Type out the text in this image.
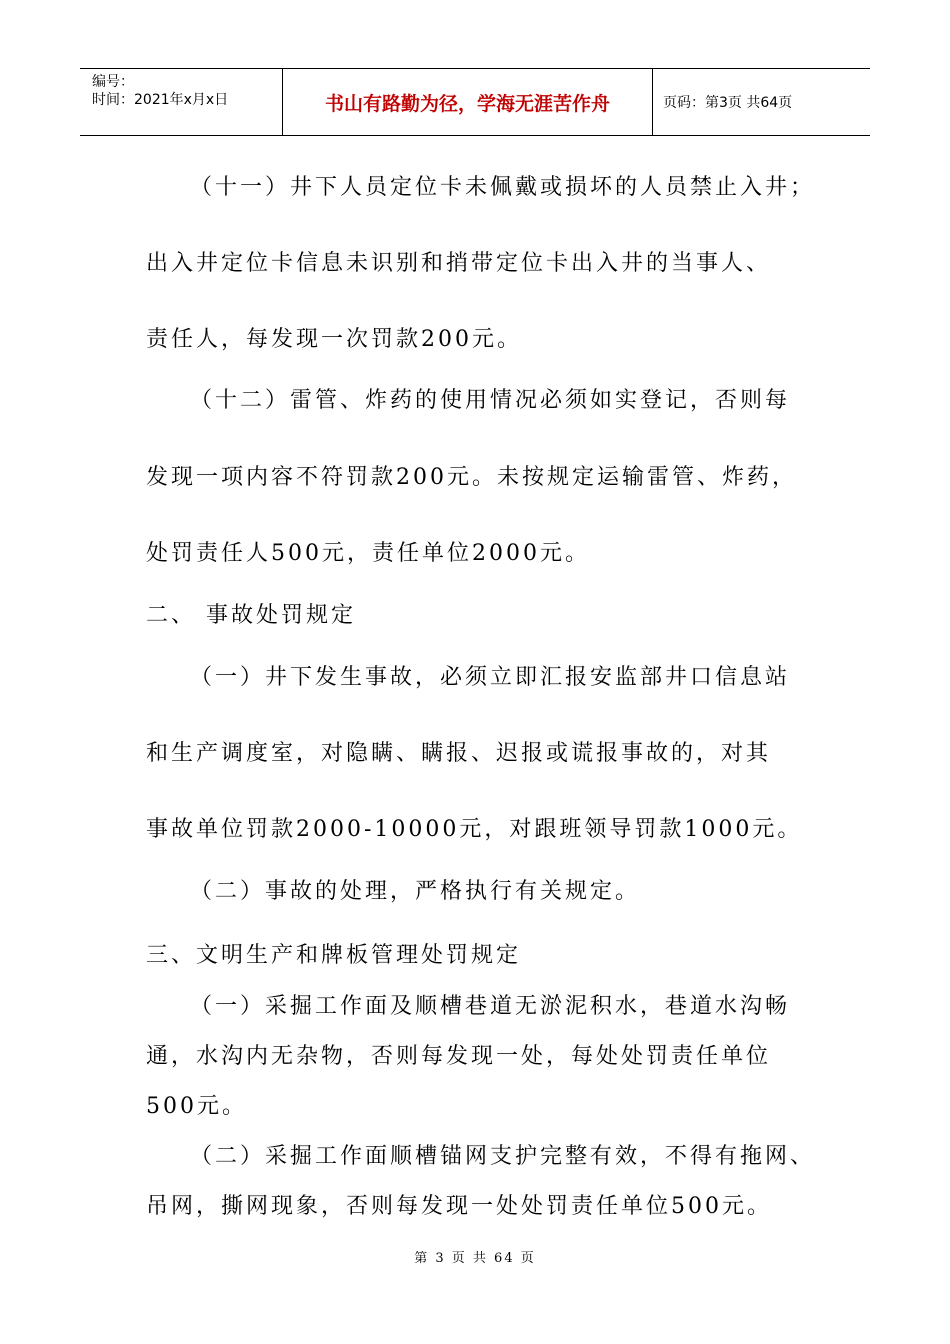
编号：
时间：2021年x月x日	书山有路勤为径，学海无涯苦作舟	页码：第3页 共64页
（十一）井下人员定位卡未佩戴或损坏的人员禁止入井；
出入井定位卡信息未识别和捎带定位卡出入井的当事人、
责任人，每发现一次罚款200元。
（十二）雷管、炸药的使用情况必须如实登记，否则每
发现一项内容不符罚款200元。未按规定运输雷管、炸药，
处罚责任人500元，责任单位2000元。
二、 事故处罚规定
（一）井下发生事故，必须立即汇报安监部井口信息站
和生产调度室，对隐瞒、瞒报、迟报或谎报事故的，对其
事故单位罚款2000-10000元，对跟班领导罚款1000元。
（二）事故的处理，严格执行有关规定。
三、文明生产和牌板管理处罚规定
（一）采掘工作面及顺槽巷道无淤泥积水，巷道水沟畅
通，水沟内无杂物，否则每发现一处，每处处罚责任单位
500元。
（二）采掘工作面顺槽锚网支护完整有效，不得有拖网、
吊网，撕网现象，否则每发现一处处罚责任单位500元。
第 3 页 共 64 页
